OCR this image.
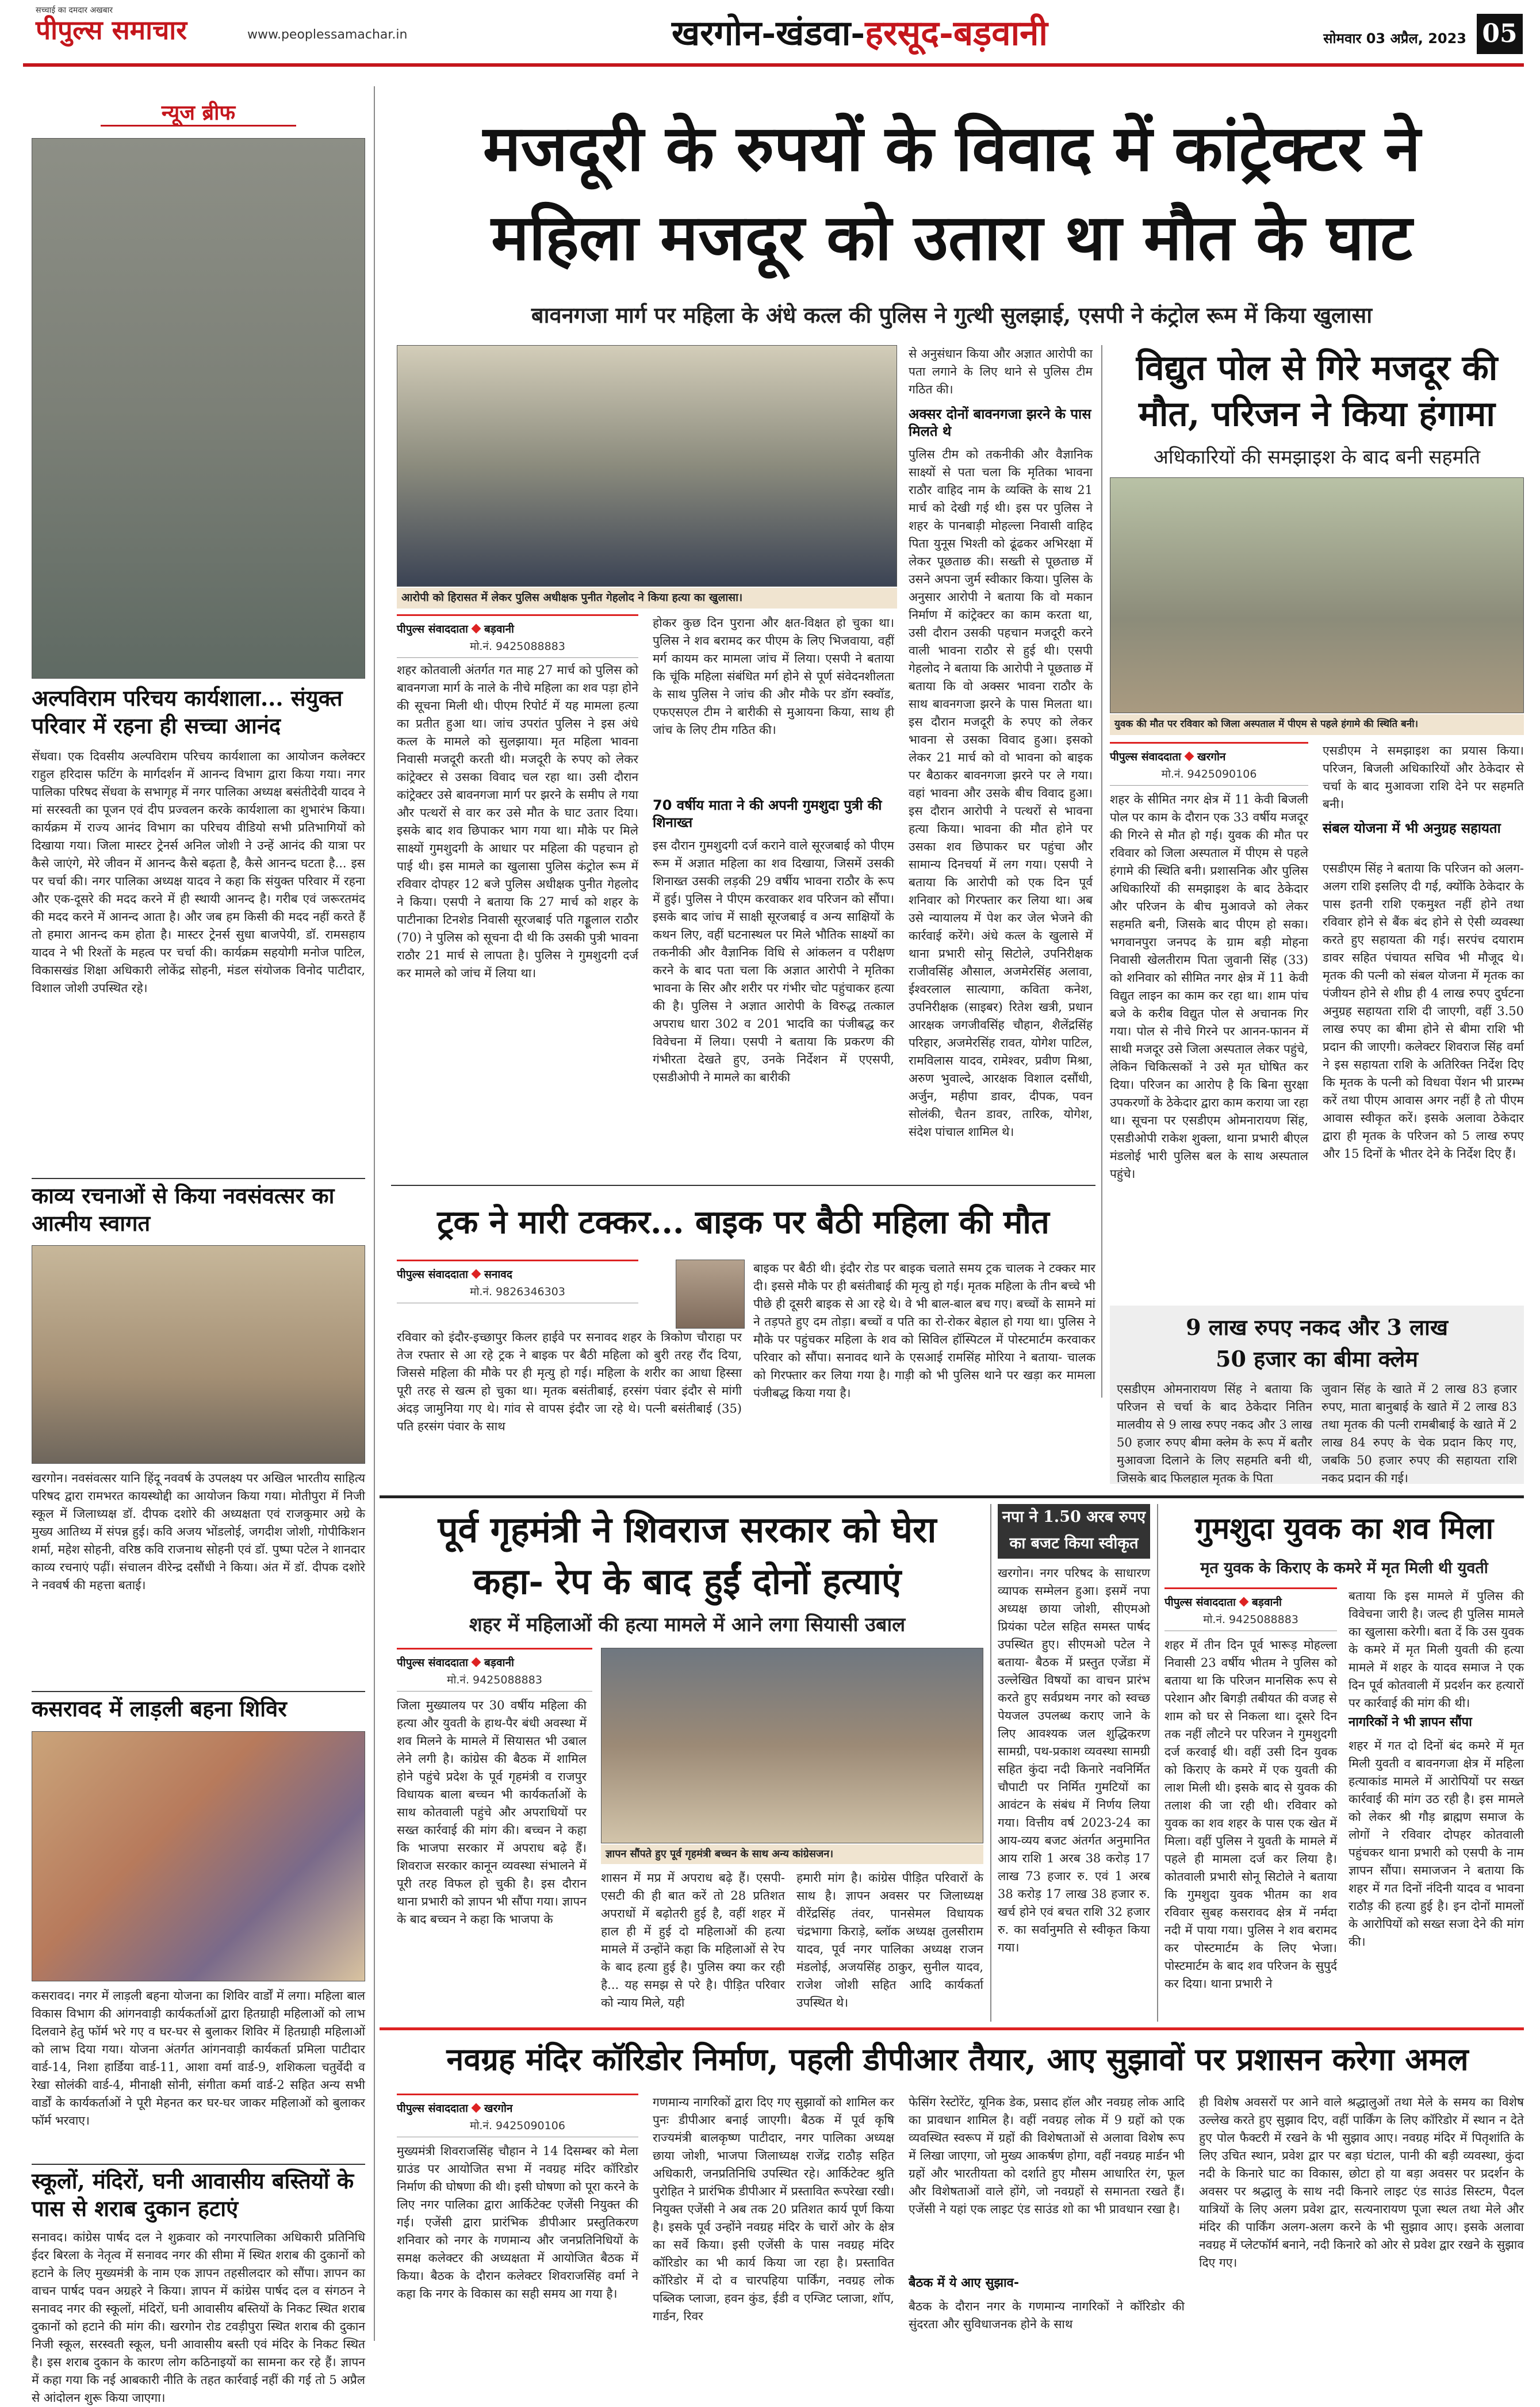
पीपुल्स समाचार
सच्चाई का दमदार अखबार
www.peoplessamachar.in	खरगोन-खंडवा-हरसूद-बड़वानी	सोमवार 03 अप्रैल, 2023 05
न्यूज ब्रीफ
अल्पविराम परिचय कार्यशाला... संयुक्त परिवार में रहना ही सच्चा आनंद
सेंधवा। एक दिवसीय अल्पविराम परिचय कार्यशाला का आयोजन कलेक्टर राहुल हरिदास फटिंग के मार्गदर्शन में आनन्द विभाग द्वारा किया गया। नगर पालिका परिषद सेंधवा के सभागृह में नगर पालिका अध्यक्ष बसंतीदेवी यादव ने मां सरस्वती का पूजन एवं दीप प्रज्वलन करके कार्यशाला का शुभारंभ किया। कार्यक्रम में राज्य आनंद विभाग का परिचय वीडियो सभी प्रतिभागियों को दिखाया गया। जिला मास्टर ट्रेनर्स अनिल जोशी ने उन्हें आनंद की यात्रा पर कैसे जाएंगे, मेरे जीवन में आनन्द कैसे बढ़ता है, कैसे आनन्द घटता है... इस पर चर्चा की। नगर पालिका अध्यक्ष यादव ने कहा कि संयुक्त परिवार में रहना और एक-दूसरे की मदद करने में ही स्थायी आनन्द है। गरीब एवं जरूरतमंद की मदद करने में आनन्द आता है। और जब हम किसी की मदद नहीं करते हैं तो हमारा आनन्द कम होता है। मास्टर ट्रेनर्स सुधा बाजपेयी, डॉ. रामसहाय यादव ने भी रिश्तों के महत्व पर चर्चा की। कार्यक्रम सहयोगी मनोज पाटिल, विकासखंड शिक्षा अधिकारी लोकेंद्र सोहनी, मंडल संयोजक विनोद पाटीदार, विशाल जोशी उपस्थित रहे।
काव्य रचनाओं से किया नवसंवत्सर का आत्मीय स्वागत
खरगोन। नवसंवत्सर यानि हिंदू नववर्ष के उपलक्ष्य पर अखिल भारतीय साहित्य परिषद द्वारा रामभरत कायस्थोद्दी का आयोजन किया गया। मोतीपुरा में निजी स्कूल में जिलाध्यक्ष डॉ. दीपक दशोरे की अध्यक्षता एवं राजकुमार अग्रे के मुख्य आतिथ्य में संपन्न हुई। कवि अजय भोंडलोई, जगदीश जोशी, गोपीकिशन शर्मा, महेश सोहनी, वरिष्ठ कवि राजनाथ सोहनी एवं डॉ. पुष्पा पटेल ने शानदार काव्य रचनाएं पढ़ीं। संचालन वीरेन्द्र दसौंधी ने किया। अंत में डॉ. दीपक दशोरे ने नववर्ष की महत्ता बताई।
कसरावद में लाड़ली बहना शिविर
कसरावद। नगर में लाड़ली बहना योजना का शिविर वार्डों में लगा। महिला बाल विकास विभाग की आंगनवाड़ी कार्यकर्ताओं द्वारा हितग्राही महिलाओं को लाभ दिलवाने हेतु फॉर्म भरे गए व घर-घर से बुलाकर शिविर में हितग्राही महिलाओं को लाभ दिया गया। योजना अंतर्गत आंगनवाड़ी कार्यकर्ता प्रमिला पाटीदार वार्ड-14, निशा हार्डिया वार्ड-11, आशा वर्मा वार्ड-9, शशिकला चतुर्वेदी व रेखा सोलंकी वार्ड-4, मीनाक्षी सोनी, संगीता कर्मा वार्ड-2 सहित अन्य सभी वार्डों के कार्यकर्ताओं ने पूरी मेहनत कर घर-घर जाकर महिलाओं को बुलाकर फॉर्म भरवाए।
स्कूलों, मंदिरों, घनी आवासीय बस्तियों के पास से शराब दुकान हटाएं
सनावद। कांग्रेस पार्षद दल ने शुक्रवार को नगरपालिका अधिकारी प्रतिनिधि ईदर बिरला के नेतृत्व में सनावद नगर की सीमा में स्थित शराब की दुकानों को हटाने के लिए मुख्यमंत्री के नाम एक ज्ञापन तहसीलदार को सौंपा। ज्ञापन का वाचन पार्षद पवन अग्रहरे ने किया। ज्ञापन में कांग्रेस पार्षद दल व संगठन ने सनावद नगर की स्कूलों, मंदिरों, घनी आवासीय बस्तियों के निकट स्थित शराब दुकानों को हटाने की मांग की। खरगोन रोड टवड़ीपुरा स्थित शराब की दुकान निजी स्कूल, सरस्वती स्कूल, घनी आवासीय बस्ती एवं मंदिर के निकट स्थित है। इस शराब दुकान के कारण लोग कठिनाइयों का सामना कर रहे हैं। ज्ञापन में कहा गया कि नई आबकारी नीति के तहत कार्रवाई नहीं की गई तो 5 अप्रैल से आंदोलन शुरू किया जाएगा।
मजदूरी के रुपयों के विवाद में कांट्रेक्टर ने
महिला मजदूर को उतारा था मौत के घाट
बावनगजा मार्ग पर महिला के अंधे कत्ल की पुलिस ने गुत्थी सुलझाई, एसपी ने कंट्रोल रूम में किया खुलासा
आरोपी को हिरासत में लेकर पुलिस अधीक्षक पुनीत गेहलोद ने किया हत्या का खुलासा।
पीपुल्स संवाददाता बड़वानी
मो.नं. 9425088883
शहर कोतवाली अंतर्गत गत माह 27 मार्च को पुलिस को बावनगजा मार्ग के नाले के नीचे महिला का शव पड़ा होने की सूचना मिली थी। पीएम रिपोर्ट में यह मामला हत्या का प्रतीत हुआ था। जांच उपरांत पुलिस ने इस अंधे कत्ल के मामले को सुलझाया। मृत महिला भावना निवासी मजदूरी करती थी। मजदूरी के रुपए को लेकर कांट्रेक्टर से उसका विवाद चल रहा था। उसी दौरान कांट्रेक्टर उसे बावनगजा मार्ग पर झरने के समीप ले गया और पत्थरों से वार कर उसे मौत के घाट उतार दिया। इसके बाद शव छिपाकर भाग गया था। मौके पर मिले साक्ष्यों गुमशुदगी के आधार पर महिला की पहचान हो पाई थी। इस मामले का खुलासा पुलिस कंट्रोल रूम में रविवार दोपहर 12 बजे पुलिस अधीक्षक पुनीत गेहलोद ने किया। एसपी ने बताया कि 27 मार्च को शहर के पाटीनाका टिनशेड निवासी सूरजबाई पति गड्डूलाल राठौर (70) ने पुलिस को सूचना दी थी कि उसकी पुत्री भावना राठौर 21 मार्च से लापता है। पुलिस ने गुमशुदगी दर्ज कर मामले को जांच में लिया था।
होकर कुछ दिन पुराना और क्षत-विक्षत हो चुका था। पुलिस ने शव बरामद कर पीएम के लिए भिजवाया, वहीं मर्ग कायम कर मामला जांच में लिया। एसपी ने बताया कि चूंकि महिला संबंधित मर्ग होने से पूर्ण संवेदनशीलता के साथ पुलिस ने जांच की और मौके पर डॉग स्क्वॉड, एफएसएल टीम ने बारीकी से मुआयना किया, साथ ही जांच के लिए टीम गठित की।
70 वर्षीय माता ने की अपनी गुमशुदा पुत्री की शिनाख्त
इस दौरान गुमशुदगी दर्ज कराने वाले सूरजबाई को पीएम रूम में अज्ञात महिला का शव दिखाया, जिसमें उसकी शिनाख्त उसकी लड़की 29 वर्षीय भावना राठौर के रूप में हुई। पुलिस ने पीएम करवाकर शव परिजन को सौंपा। इसके बाद जांच में साक्षी सूरजबाई व अन्य साक्षियों के कथन लिए, वहीं घटनास्थल पर मिले भौतिक साक्ष्यों का तकनीकी और वैज्ञानिक विधि से आंकलन व परीक्षण करने के बाद पता चला कि अज्ञात आरोपी ने मृतिका भावना के सिर और शरीर पर गंभीर चोट पहुंचाकर हत्या की है। पुलिस ने अज्ञात आरोपी के विरुद्ध तत्काल अपराध धारा 302 व 201 भादवि का पंजीबद्ध कर विवेचना में लिया। एसपी ने बताया कि प्रकरण की गंभीरता देखते हुए, उनके निर्देशन में एएसपी, एसडीओपी ने मामले का बारीकी
से अनुसंधान किया और अज्ञात आरोपी का पता लगाने के लिए थाने से पुलिस टीम गठित की।
अक्सर दोनों बावनगजा झरने के पास मिलते थे
पुलिस टीम को तकनीकी और वैज्ञानिक साक्ष्यों से पता चला कि मृतिका भावना राठौर वाहिद नाम के व्यक्ति के साथ 21 मार्च को देखी गई थी। इस पर पुलिस ने शहर के पानबाड़ी मोहल्ला निवासी वाहिद पिता युनूस भिश्ती को ढूंढकर अभिरक्षा में लेकर पूछताछ की। सख्ती से पूछताछ में उसने अपना जुर्म स्वीकार किया। पुलिस के अनुसार आरोपी ने बताया कि वो मकान निर्माण में कांट्रेक्टर का काम करता था, उसी दौरान उसकी पहचान मजदूरी करने वाली भावना राठौर से हुई थी। एसपी गेहलोद ने बताया कि आरोपी ने पूछताछ में बताया कि वो अक्सर भावना राठौर के साथ बावनगजा झरने के पास मिलता था। इस दौरान मजदूरी के रुपए को लेकर भावना से उसका विवाद हुआ। इसको लेकर 21 मार्च को वो भावना को बाइक पर बैठाकर बावनगजा झरने पर ले गया। वहां भावना और उसके बीच विवाद हुआ। इस दौरान आरोपी ने पत्थरों से भावना हत्या किया। भावना की मौत होने पर उसका शव छिपाकर घर पहुंचा और सामान्य दिनचर्या में लग गया। एसपी ने बताया कि आरोपी को एक दिन पूर्व शनिवार को गिरफ्तार कर लिया था। अब उसे न्यायालय में पेश कर जेल भेजने की कार्रवाई करेंगे। अंधे कत्ल के खुलासे में थाना प्रभारी सोनू सिटोले, उपनिरीक्षक राजीवसिंह औसाल, अजमेरसिंह अलावा, ईश्वरलाल सात्यागा, कविता कनेश, उपनिरीक्षक (साइबर) रितेश खत्री, प्रधान आरक्षक जगजीवसिंह चौहान, शैलेंद्रसिंह परिहार, अजमेरसिंह रावत, योगेश पाटिल, रामविलास यादव, रामेश्वर, प्रवीण मिश्रा, अरुण भुवाल्दे, आरक्षक विशाल दसौंधी, अर्जुन, महीपा डावर, दीपक, पवन सोलंकी, चैतन डावर, तारिक, योगेश, संदेश पांचाल शामिल थे।
विद्युत पोल से गिरे मजदूर की
मौत, परिजन ने किया हंगामा
अधिकारियों की समझाइश के बाद बनी सहमति
युवक की मौत पर रविवार को जिला अस्पताल में पीएम से पहले हंगामे की स्थिति बनी।
पीपुल्स संवाददाता खरगोन
मो.नं. 9425090106
शहर के सीमित नगर क्षेत्र में 11 केवी बिजली पोल पर काम के दौरान एक 33 वर्षीय मजदूर की गिरने से मौत हो गई। युवक की मौत पर रविवार को जिला अस्पताल में पीएम से पहले हंगामे की स्थिति बनी। प्रशासनिक और पुलिस अधिकारियों की समझाइश के बाद ठेकेदार और परिजन के बीच मुआवजे को लेकर सहमति बनी, जिसके बाद पीएम हो सका। भगवानपुरा जनपद के ग्राम बड़ी मोहना निवासी खेलतीराम पिता जुवानी सिंह (33) को शनिवार को सीमित नगर क्षेत्र में 11 केवी विद्युत लाइन का काम कर रहा था। शाम पांच बजे के करीब विद्युत पोल से अचानक गिर गया। पोल से नीचे गिरने पर आनन-फानन में साथी मजदूर उसे जिला अस्पताल लेकर पहुंचे, लेकिन चिकित्सकों ने उसे मृत घोषित कर दिया। परिजन का आरोप है कि बिना सुरक्षा उपकरणों के ठेकेदार द्वारा काम कराया जा रहा था। सूचना पर एसडीएम ओमनारायण सिंह, एसडीओपी राकेश शुक्ला, थाना प्रभारी बीएल मंडलोई भारी पुलिस बल के साथ अस्पताल पहुंचे।
एसडीएम ने समझाइश का प्रयास किया। परिजन, बिजली अधिकारियों और ठेकेदार से चर्चा के बाद मुआवजा राशि देने पर सहमति बनी।
संबल योजना में भी अनुग्रह सहायता
एसडीएम सिंह ने बताया कि परिजन को अलग-अलग राशि इसलिए दी गई, क्योंकि ठेकेदार के पास इतनी राशि एकमुश्त नहीं होने तथा रविवार होने से बैंक बंद होने से ऐसी व्यवस्था करते हुए सहायता की गई। सरपंच दयाराम डावर सहित पंचायत सचिव भी मौजूद थे। मृतक की पत्नी को संबल योजना में मृतक का पंजीयन होने से शीघ्र ही 4 लाख रुपए दुर्घटना अनुग्रह सहायता राशि दी जाएगी, वहीं 3.50 लाख रुपए का बीमा होने से बीमा राशि भी प्रदान की जाएगी। कलेक्टर शिवराज सिंह वर्मा ने इस सहायता राशि के अतिरिक्त निर्देश दिए कि मृतक के पत्नी को विधवा पेंशन भी प्रारम्भ करें तथा पीएम आवास अगर नहीं है तो पीएम आवास स्वीकृत करें। इसके अलावा ठेकेदार द्वारा ही मृतक के परिजन को 5 लाख रुपए और 15 दिनों के भीतर देने के निर्देश दिए हैं।
9 लाख रुपए नकद और 3 लाख
50 हजार का बीमा क्लेम
एसडीएम ओमनारायण सिंह ने बताया कि परिजन से चर्चा के बाद ठेकेदार नितिन मालवीय से 9 लाख रुपए नकद और 3 लाख 50 हजार रुपए बीमा क्लेम के रूप में बतौर मुआवजा दिलाने के लिए सहमति बनी थी, जिसके बाद फिलहाल मृतक के पिता
जुवान सिंह के खाते में 2 लाख 83 हजार रुपए, माता बानुबाई के खाते में 2 लाख 83 तथा मृतक की पत्नी रामबीबाई के खाते में 2 लाख 84 रुपए के चेक प्रदान किए गए, जबकि 50 हजार रुपए की सहायता राशि नकद प्रदान की गई।
ट्रक ने मारी टक्कर... बाइक पर बैठी महिला की मौत
पीपुल्स संवाददाता सनावद
मो.नं. 9826346303
रविवार को इंदौर-इच्छापुर किलर हाईवे पर सनावद शहर के त्रिकोण चौराहा पर तेज रफ्तार से आ रहे ट्रक ने बाइक पर बैठी महिला को बुरी तरह रौंद दिया, जिससे महिला की मौके पर ही मृत्यु हो गई। महिला के शरीर का आधा हिस्सा पूरी तरह से खत्म हो चुका था। मृतक बसंतीबाई, हरसंग पंवार इंदौर से मांगी अंदड़ जामुनिया गए थे। गांव से वापस इंदौर जा रहे थे। पत्नी बसंतीबाई (35) पति हरसंग पंवार के साथ
बाइक पर बैठी थी। इंदौर रोड पर बाइक चलाते समय ट्रक चालक ने टक्कर मार दी। इससे मौके पर ही बसंतीबाई की मृत्यु हो गई। मृतक महिला के तीन बच्चे भी पीछे ही दूसरी बाइक से आ रहे थे। वे भी बाल-बाल बच गए। बच्चों के सामने मां ने तड़पते हुए दम तोड़ा। बच्चों व पति का रो-रोकर बेहाल हो गया था। पुलिस ने मौके पर पहुंचकर महिला के शव को सिविल हॉस्पिटल में पोस्टमार्टम करवाकर परिवार को सौंपा। सनावद थाने के एसआई रामसिंह मोरिया ने बताया- चालक को गिरफ्तार कर लिया गया है। गाड़ी को भी पुलिस थाने पर खड़ा कर मामला पंजीबद्ध किया गया है।
पूर्व गृहमंत्री ने शिवराज सरकार को घेरा
कहा- रेप के बाद हुईं दोनों हत्याएं
शहर में महिलाओं की हत्या मामले में आने लगा सियासी उबाल
पीपुल्स संवाददाता बड़वानी
मो.नं. 9425088883
ज्ञापन सौंपते हुए पूर्व गृहमंत्री बच्चन के साथ अन्य कांग्रेसजन।
जिला मुख्यालय पर 30 वर्षीय महिला की हत्या और युवती के हाथ-पैर बंधी अवस्था में शव मिलने के मामले में सियासत भी उबाल लेने लगी है। कांग्रेस की बैठक में शामिल होने पहुंचे प्रदेश के पूर्व गृहमंत्री व राजपुर विधायक बाला बच्चन भी कार्यकर्ताओं के साथ कोतवाली पहुंचे और अपराधियों पर सख्त कार्रवाई की मांग की। बच्चन ने कहा कि भाजपा सरकार में अपराध बढ़े हैं। शिवराज सरकार कानून व्यवस्था संभालने में पूरी तरह विफल हो चुकी है। इस दौरान थाना प्रभारी को ज्ञापन भी सौंपा गया। ज्ञापन के बाद बच्चन ने कहा कि भाजपा के
शासन में मप्र में अपराध बढ़े हैं। एसपी-एसटी की ही बात करें तो 28 प्रतिशत अपराधों में बढ़ोतरी हुई है, वहीं शहर में हाल ही में हुई दो महिलाओं की हत्या मामले में उन्होंने कहा कि महिलाओं से रेप के बाद हत्या हुई है। पुलिस क्या कर रही है... यह समझ से परे है। पीड़ित परिवार को न्याय मिले, यही
हमारी मांग है। कांग्रेस पीड़ित परिवारों के साथ है। ज्ञापन अवसर पर जिलाध्यक्ष वीरेंद्रसिंह तंवर, पानसेमल विधायक चंद्रभागा किराड़े, ब्लॉक अध्यक्ष तुलसीराम यादव, पूर्व नगर पालिका अध्यक्ष राजन मंडलोई, अजयसिंह ठाकुर, सुनील यादव, राजेश जोशी सहित आदि कार्यकर्ता उपस्थित थे।
नपा ने 1.50 अरब रुपए
का बजट किया स्वीकृत
खरगोन। नगर परिषद के साधारण व्यापक सम्मेलन हुआ। इसमें नपा अध्यक्ष छाया जोशी, सीएमओ प्रियंका पटेल सहित समस्त पार्षद उपस्थित हुए। सीएमओ पटेल ने बताया- बैठक में प्रस्तुत एजेंडा में उल्लेखित विषयों का वाचन प्रारंभ करते हुए सर्वप्रथम नगर को स्वच्छ पेयजल उपलब्ध कराए जाने के लिए आवश्यक जल शुद्धिकरण सामग्री, पथ-प्रकाश व्यवस्था सामग्री सहित कुंदा नदी किनारे नवनिर्मित चौपाटी पर निर्मित गुमटियों का आवंटन के संबंध में निर्णय लिया गया। वित्तीय वर्ष 2023-24 का आय-व्यय बजट अंतर्गत अनुमानित आय राशि 1 अरब 38 करोड़ 17 लाख 73 हजार रु. एवं 1 अरब 38 करोड़ 17 लाख 38 हजार रु. खर्च होने एवं बचत राशि 32 हजार रु. का सर्वानुमति से स्वीकृत किया गया।
गुमशुदा युवक का शव मिला
मृत युवक के किराए के कमरे में मृत मिली थी युवती
पीपुल्स संवाददाता बड़वानी
मो.नं. 9425088883
शहर में तीन दिन पूर्व भारूड़ मोहल्ला निवासी 23 वर्षीय भीतम ने पुलिस को बताया था कि परिजन मानसिक रूप से परेशान और बिगड़ी तबीयत की वजह से शाम को घर से निकला था। दूसरे दिन तक नहीं लौटने पर परिजन ने गुमशुदगी दर्ज करवाई थी। वहीं उसी दिन युवक को किराए के कमरे में एक युवती की लाश मिली थी। इसके बाद से युवक की तलाश की जा रही थी। रविवार को युवक का शव शहर के पास एक खेत में मिला। वहीं पुलिस ने युवती के मामले में पहले ही मामला दर्ज कर लिया है। कोतवाली प्रभारी सोनू सिटोले ने बताया कि गुमशुदा युवक भीतम का शव रविवार सुबह कसरावद क्षेत्र में नर्मदा नदी में पाया गया। पुलिस ने शव बरामद कर पोस्टमार्टम के लिए भेजा। पोस्टमार्टम के बाद शव परिजन के सुपुर्द कर दिया। थाना प्रभारी ने
बताया कि इस मामले में पुलिस की विवेचना जारी है। जल्द ही पुलिस मामले का खुलासा करेगी। बता दें कि उस युवक के कमरे में मृत मिली युवती की हत्या मामले में शहर के यादव समाज ने एक दिन पूर्व कोतवाली में प्रदर्शन कर हत्यारों पर कार्रवाई की मांग की थी।
नागरिकों ने भी ज्ञापन सौंपा
शहर में गत दो दिनों बंद कमरे में मृत मिली युवती व बावनगजा क्षेत्र में महिला हत्याकांड मामले में आरोपियों पर सख्त कार्रवाई की मांग उठ रही है। इस मामले को लेकर श्री गौड़ ब्राह्मण समाज के लोगों ने रविवार दोपहर कोतवाली पहुंचकर थाना प्रभारी को एसपी के नाम ज्ञापन सौंपा। समाजजन ने बताया कि शहर में गत दिनों नंदिनी यादव व भावना राठौड़ की हत्या हुई है। इन दोनों मामलों के आरोपियों को सख्त सजा देने की मांग की।
नवग्रह मंदिर कॉरिडोर निर्माण, पहली डीपीआर तैयार, आए सुझावों पर प्रशासन करेगा अमल
पीपुल्स संवाददाता खरगोन
मो.नं. 9425090106
मुख्यमंत्री शिवराजसिंह चौहान ने 14 दिसम्बर को मेला ग्राउंड पर आयोजित सभा में नवग्रह मंदिर कॉरिडोर निर्माण की घोषणा की थी। इसी घोषणा को पूरा करने के लिए नगर पालिका द्वारा आर्किटेक्ट एजेंसी नियुक्त की गई। एजेंसी द्वारा प्रारंभिक डीपीआर प्रस्तुतिकरण शनिवार को नगर के गणमान्य और जनप्रतिनिधियों के समक्ष कलेक्टर की अध्यक्षता में आयोजित बैठक में किया। बैठक के दौरान कलेक्टर शिवराजसिंह वर्मा ने कहा कि नगर के विकास का सही समय आ गया है।
गणमान्य नागरिकों द्वारा दिए गए सुझावों को शामिल कर पुनः डीपीआर बनाई जाएगी। बैठक में पूर्व कृषि राज्यमंत्री बालकृष्ण पाटीदार, नगर पालिका अध्यक्ष छाया जोशी, भाजपा जिलाध्यक्ष राजेंद्र राठौड़ सहित अधिकारी, जनप्रतिनिधि उपस्थित रहे। आर्किटेक्ट श्रुति पुरोहित ने प्रारंभिक डीपीआर में प्रस्तावित रूपरेखा रखी। नियुक्त एजेंसी ने अब तक 20 प्रतिशत कार्य पूर्ण किया है। इसके पूर्व उन्होंने नवग्रह मंदिर के चारों ओर के क्षेत्र का सर्वे किया। इसी एजेंसी के पास नवग्रह मंदिर कॉरिडोर का भी कार्य किया जा रहा है। प्रस्तावित कॉरिडोर में दो व चारपहिया पार्किंग, नवग्रह लोक पब्लिक प्लाजा, हवन कुंड, ईडी व एग्जिट प्लाजा, शॉप, गार्डन, रिवर
फेसिंग रेस्टोरेंट, यूनिक डेक, प्रसाद हॉल और नवग्रह लोक आदि का प्रावधान शामिल है। वहीं नवग्रह लोक में 9 ग्रहों को एक व्यवस्थित स्वरूप में ग्रहों की विशेषताओं से अलावा विशेष रूप में लिखा जाएगा, जो मुख्य आकर्षण होगा, वहीं नवग्रह मार्डन भी ग्रहों और भारतीयता को दर्शाते हुए मौसम आधारित रंग, फूल और विशेषताओं वाले होंगे, जो नवग्रहों से समानता रखते हैं। एजेंसी ने यहां एक लाइट एंड साउंड शो का भी प्रावधान रखा है।
बैठक में ये आए सुझाव-
बैठक के दौरान नगर के गणमान्य नागरिकों ने कॉरिडोर की सुंदरता और सुविधाजनक होने के साथ
ही विशेष अवसरों पर आने वाले श्रद्धालुओं तथा मेले के समय का विशेष उल्लेख करते हुए सुझाव दिए, वहीं पार्किंग के लिए कॉरिडोर में स्थान न देते हुए पोल फैक्टरी में रखने के भी सुझाव आए। नवग्रह मंदिर में पितृशांति के लिए उचित स्थान, प्रवेश द्वार पर बड़ा घंटाल, पानी की बड़ी व्यवस्था, कुंदा नदी के किनारे घाट का विकास, छोटा हो या बड़ा अवसर पर प्रदर्शन के अवसर पर श्रद्धालु के साथ नदी किनारे लाइट एंड साउंड सिस्टम, पैदल यात्रियों के लिए अलग प्रवेश द्वार, सत्यनारायण पूजा स्थल तथा मेले और मंदिर की पार्किंग अलग-अलग करने के भी सुझाव आए। इसके अलावा नवग्रह में प्लेटफॉर्म बनाने, नदी किनारे को ओर से प्रवेश द्वार रखने के सुझाव दिए गए।
